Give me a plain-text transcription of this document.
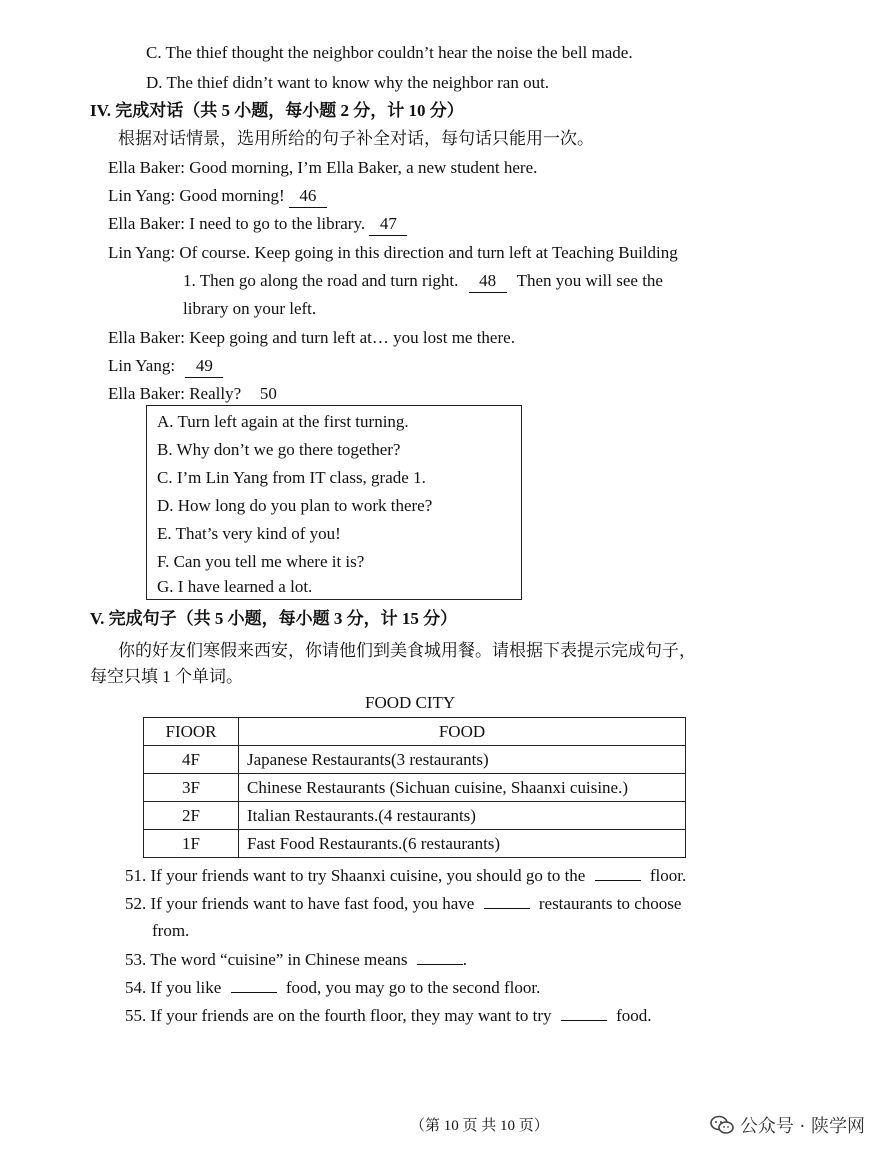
C. The thief thought the neighbor couldn’t hear the noise the bell made.
D. The thief didn’t want to know why the neighbor ran out.
IV. 完成对话（共 5 小题，每小题 2 分，计 10 分）
根据对话情景，选用所给的句子补全对话，每句话只能用一次。
Ella Baker: Good morning, I’m Ella Baker, a new student here.
Lin Yang: Good morning! 46
Ella Baker: I need to go to the library. 47
Lin Yang: Of course. Keep going in this direction and turn left at Teaching Building
1. Then go along the road and turn right. 48 Then you will see the
library on your left.
Ella Baker: Keep going and turn left at… you lost me there.
Lin Yang: 49
Ella Baker: Really? 50
A. Turn left again at the first turning.
B. Why don’t we go there together?
C. I’m Lin Yang from IT class, grade 1.
D. How long do you plan to work there?
E. That’s very kind of you!
F. Can you tell me where it is?
G. I have learned a lot.
V. 完成句子（共 5 小题，每小题 3 分，计 15 分）
你的好友们寒假来西安，你请他们到美食城用餐。请根据下表提示完成句子，
每空只填 1 个单词。
FOOD CITY
FIOOR	FOOD
4F	Japanese Restaurants(3 restaurants)
3F	Chinese Restaurants (Sichuan cuisine, Shaanxi cuisine.)
2F	Italian Restaurants.(4 restaurants)
1F	Fast Food Restaurants.(6 restaurants)
51. If your friends want to try Shaanxi cuisine, you should go to the	floor.
52. If your friends want to have fast food, you have	restaurants to choose
from.
53. The word “cuisine” in Chinese means	.
54. If you like	food, you may go to the second floor.
55. If your friends are on the fourth floor, they may want to try	food.
（第 10 页 共 10 页）	公众号 · 陕学网
